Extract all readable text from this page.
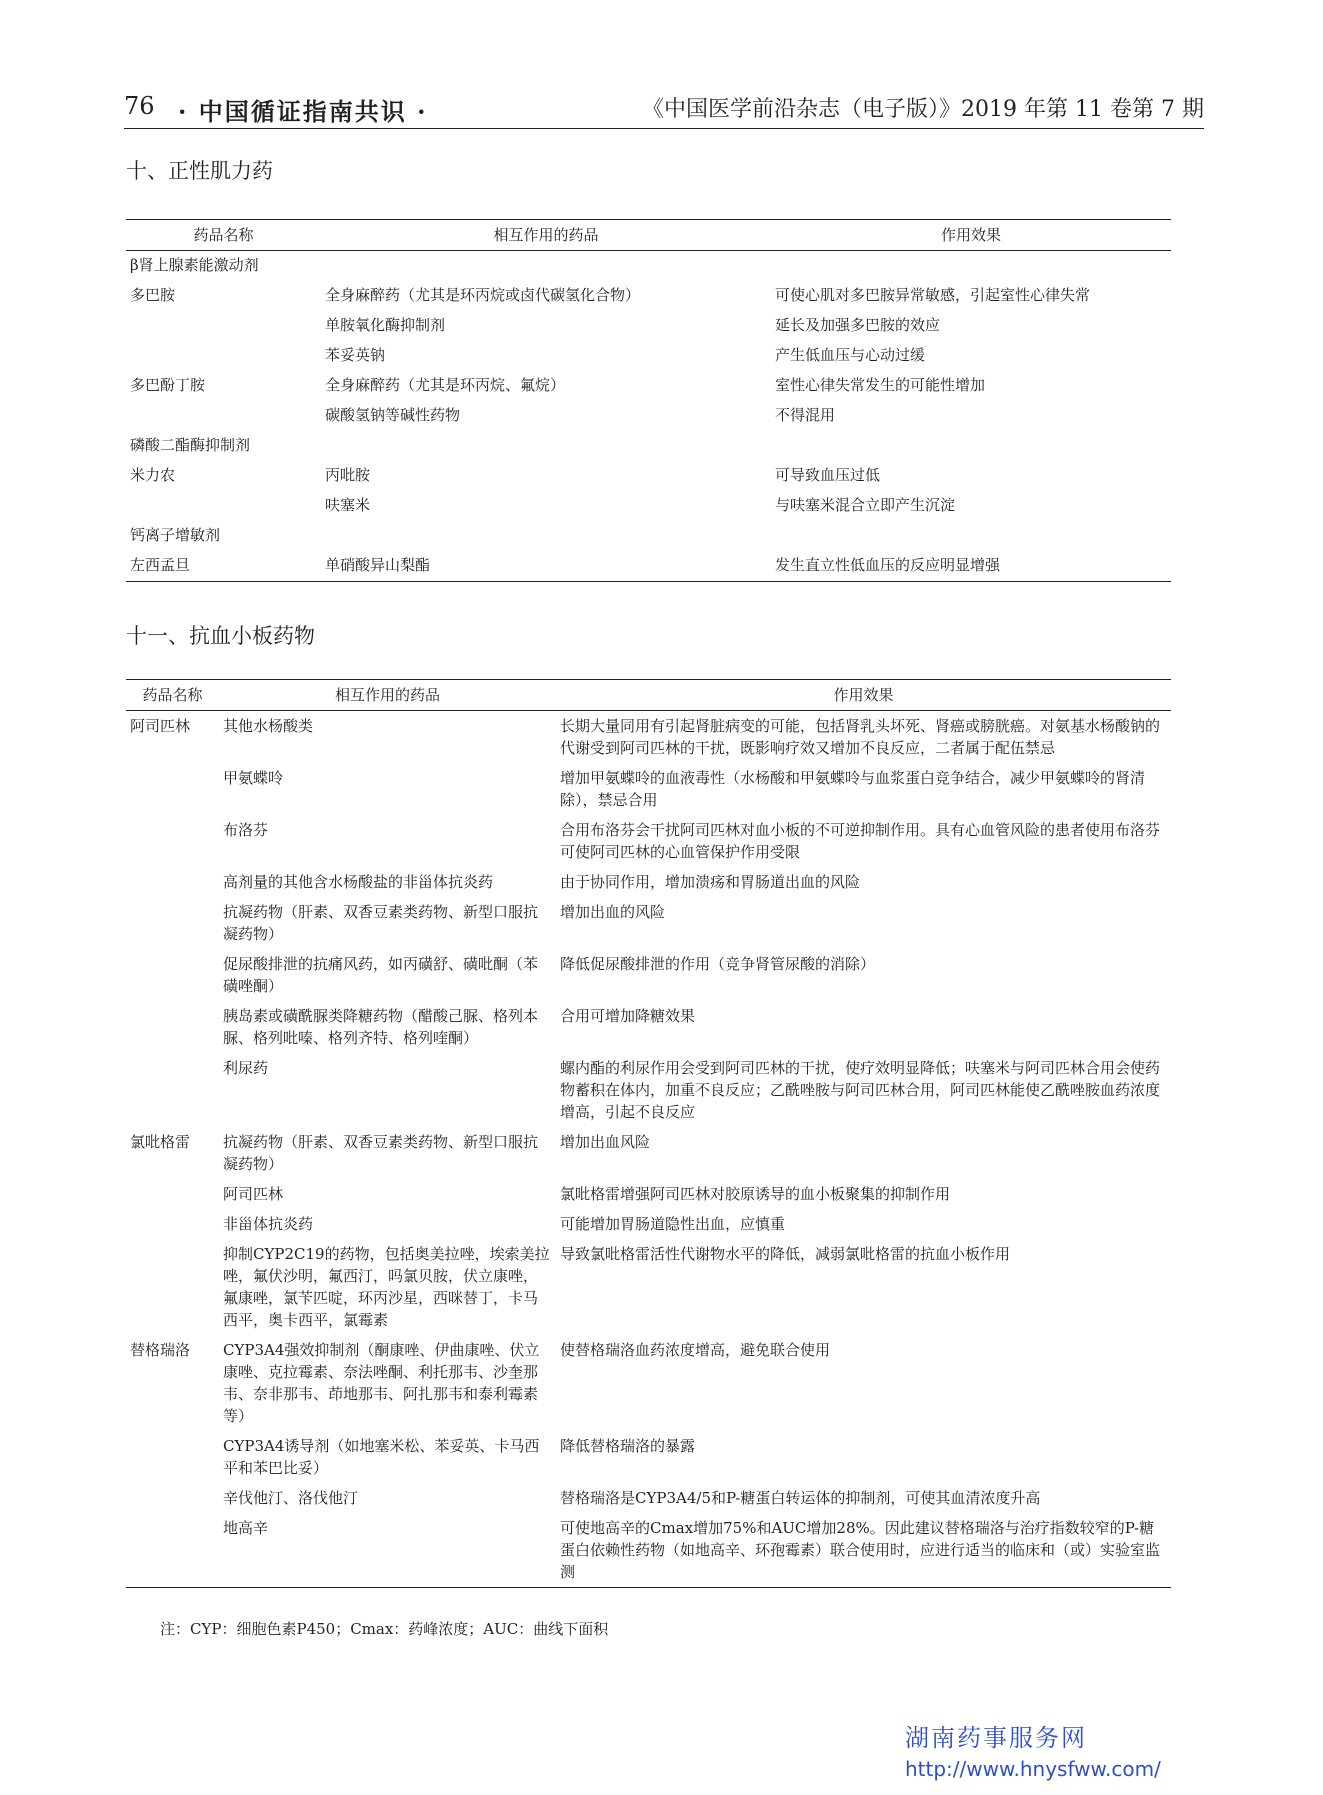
76 · 中国循证指南共识 ·	《中国医学前沿杂志（电子版）》2019 年第 11 卷第 7 期
十、正性肌力药
药品名称	相互作用的药品	作用效果
β肾上腺素能激动剂		
多巴胺	全身麻醉药（尤其是环丙烷或卤代碳氢化合物）	可使心肌对多巴胺异常敏感，引起室性心律失常
	单胺氧化酶抑制剂	延长及加强多巴胺的效应
	苯妥英钠	产生低血压与心动过缓
多巴酚丁胺	全身麻醉药（尤其是环丙烷、氟烷）	室性心律失常发生的可能性增加
	碳酸氢钠等碱性药物	不得混用
磷酸二酯酶抑制剂		
米力农	丙吡胺	可导致血压过低
	呋塞米	与呋塞米混合立即产生沉淀
钙离子增敏剂		
左西孟旦	单硝酸异山梨酯	发生直立性低血压的反应明显增强
十一、抗血小板药物
药品名称	相互作用的药品	作用效果
阿司匹林	其他水杨酸类	长期大量同用有引起肾脏病变的可能，包括肾乳头坏死、肾癌或膀胱癌。对氨基水杨酸钠的代谢受到阿司匹林的干扰，既影响疗效又增加不良反应，二者属于配伍禁忌
	甲氨蝶呤	增加甲氨蝶呤的血液毒性（水杨酸和甲氨蝶呤与血浆蛋白竞争结合，减少甲氨蝶呤的肾清除），禁忌合用
	布洛芬	合用布洛芬会干扰阿司匹林对血小板的不可逆抑制作用。具有心血管风险的患者使用布洛芬可使阿司匹林的心血管保护作用受限
	高剂量的其他含水杨酸盐的非甾体抗炎药	由于协同作用，增加溃疡和胃肠道出血的风险
	抗凝药物（肝素、双香豆素类药物、新型口服抗凝药物）	增加出血的风险
	促尿酸排泄的抗痛风药，如丙磺舒、磺吡酮（苯磺唑酮）	降低促尿酸排泄的作用（竞争肾管尿酸的消除）
	胰岛素或磺酰脲类降糖药物（醋酸己脲、格列本脲、格列吡嗪、格列齐特、格列喹酮）	合用可增加降糖效果
	利尿药	螺内酯的利尿作用会受到阿司匹林的干扰，使疗效明显降低；呋塞米与阿司匹林合用会使药物蓄积在体内，加重不良反应；乙酰唑胺与阿司匹林合用，阿司匹林能使乙酰唑胺血药浓度增高，引起不良反应
氯吡格雷	抗凝药物（肝素、双香豆素类药物、新型口服抗凝药物）	增加出血风险
	阿司匹林	氯吡格雷增强阿司匹林对胶原诱导的血小板聚集的抑制作用
	非甾体抗炎药	可能增加胃肠道隐性出血，应慎重
	抑制CYP2C19的药物，包括奥美拉唑，埃索美拉唑，氟伏沙明，氟西汀，吗氯贝胺，伏立康唑，氟康唑，氯苄匹啶，环丙沙星，西咪替丁，卡马西平，奥卡西平，氯霉素	导致氯吡格雷活性代谢物水平的降低，减弱氯吡格雷的抗血小板作用
替格瑞洛	CYP3A4强效抑制剂（酮康唑、伊曲康唑、伏立康唑、克拉霉素、奈法唑酮、利托那韦、沙奎那韦、奈非那韦、茚地那韦、阿扎那韦和泰利霉素等）	使替格瑞洛血药浓度增高，避免联合使用
	CYP3A4诱导剂（如地塞米松、苯妥英、卡马西平和苯巴比妥）	降低替格瑞洛的暴露
	辛伐他汀、洛伐他汀	替格瑞洛是CYP3A4/5和P-糖蛋白转运体的抑制剂，可使其血清浓度升高
	地高辛	可使地高辛的Cmax增加75%和AUC增加28%。因此建议替格瑞洛与治疗指数较窄的P-糖蛋白依赖性药物（如地高辛、环孢霉素）联合使用时，应进行适当的临床和（或）实验室监测
注：CYP：细胞色素P450；Cmax：药峰浓度；AUC：曲线下面积
湖南药事服务网
http://www.hnysfww.com/
